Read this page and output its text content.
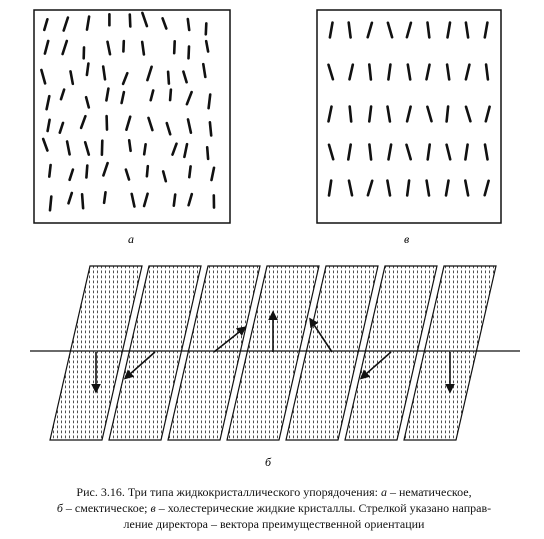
а	в
б
Рис. 3.16. Три типа жидкокристаллического упорядочения: а – нематическое,
б – смектическое; в – холестерические жидкие кристаллы. Стрелкой указано направ-
ление директора – вектора преимущественной ориентации
